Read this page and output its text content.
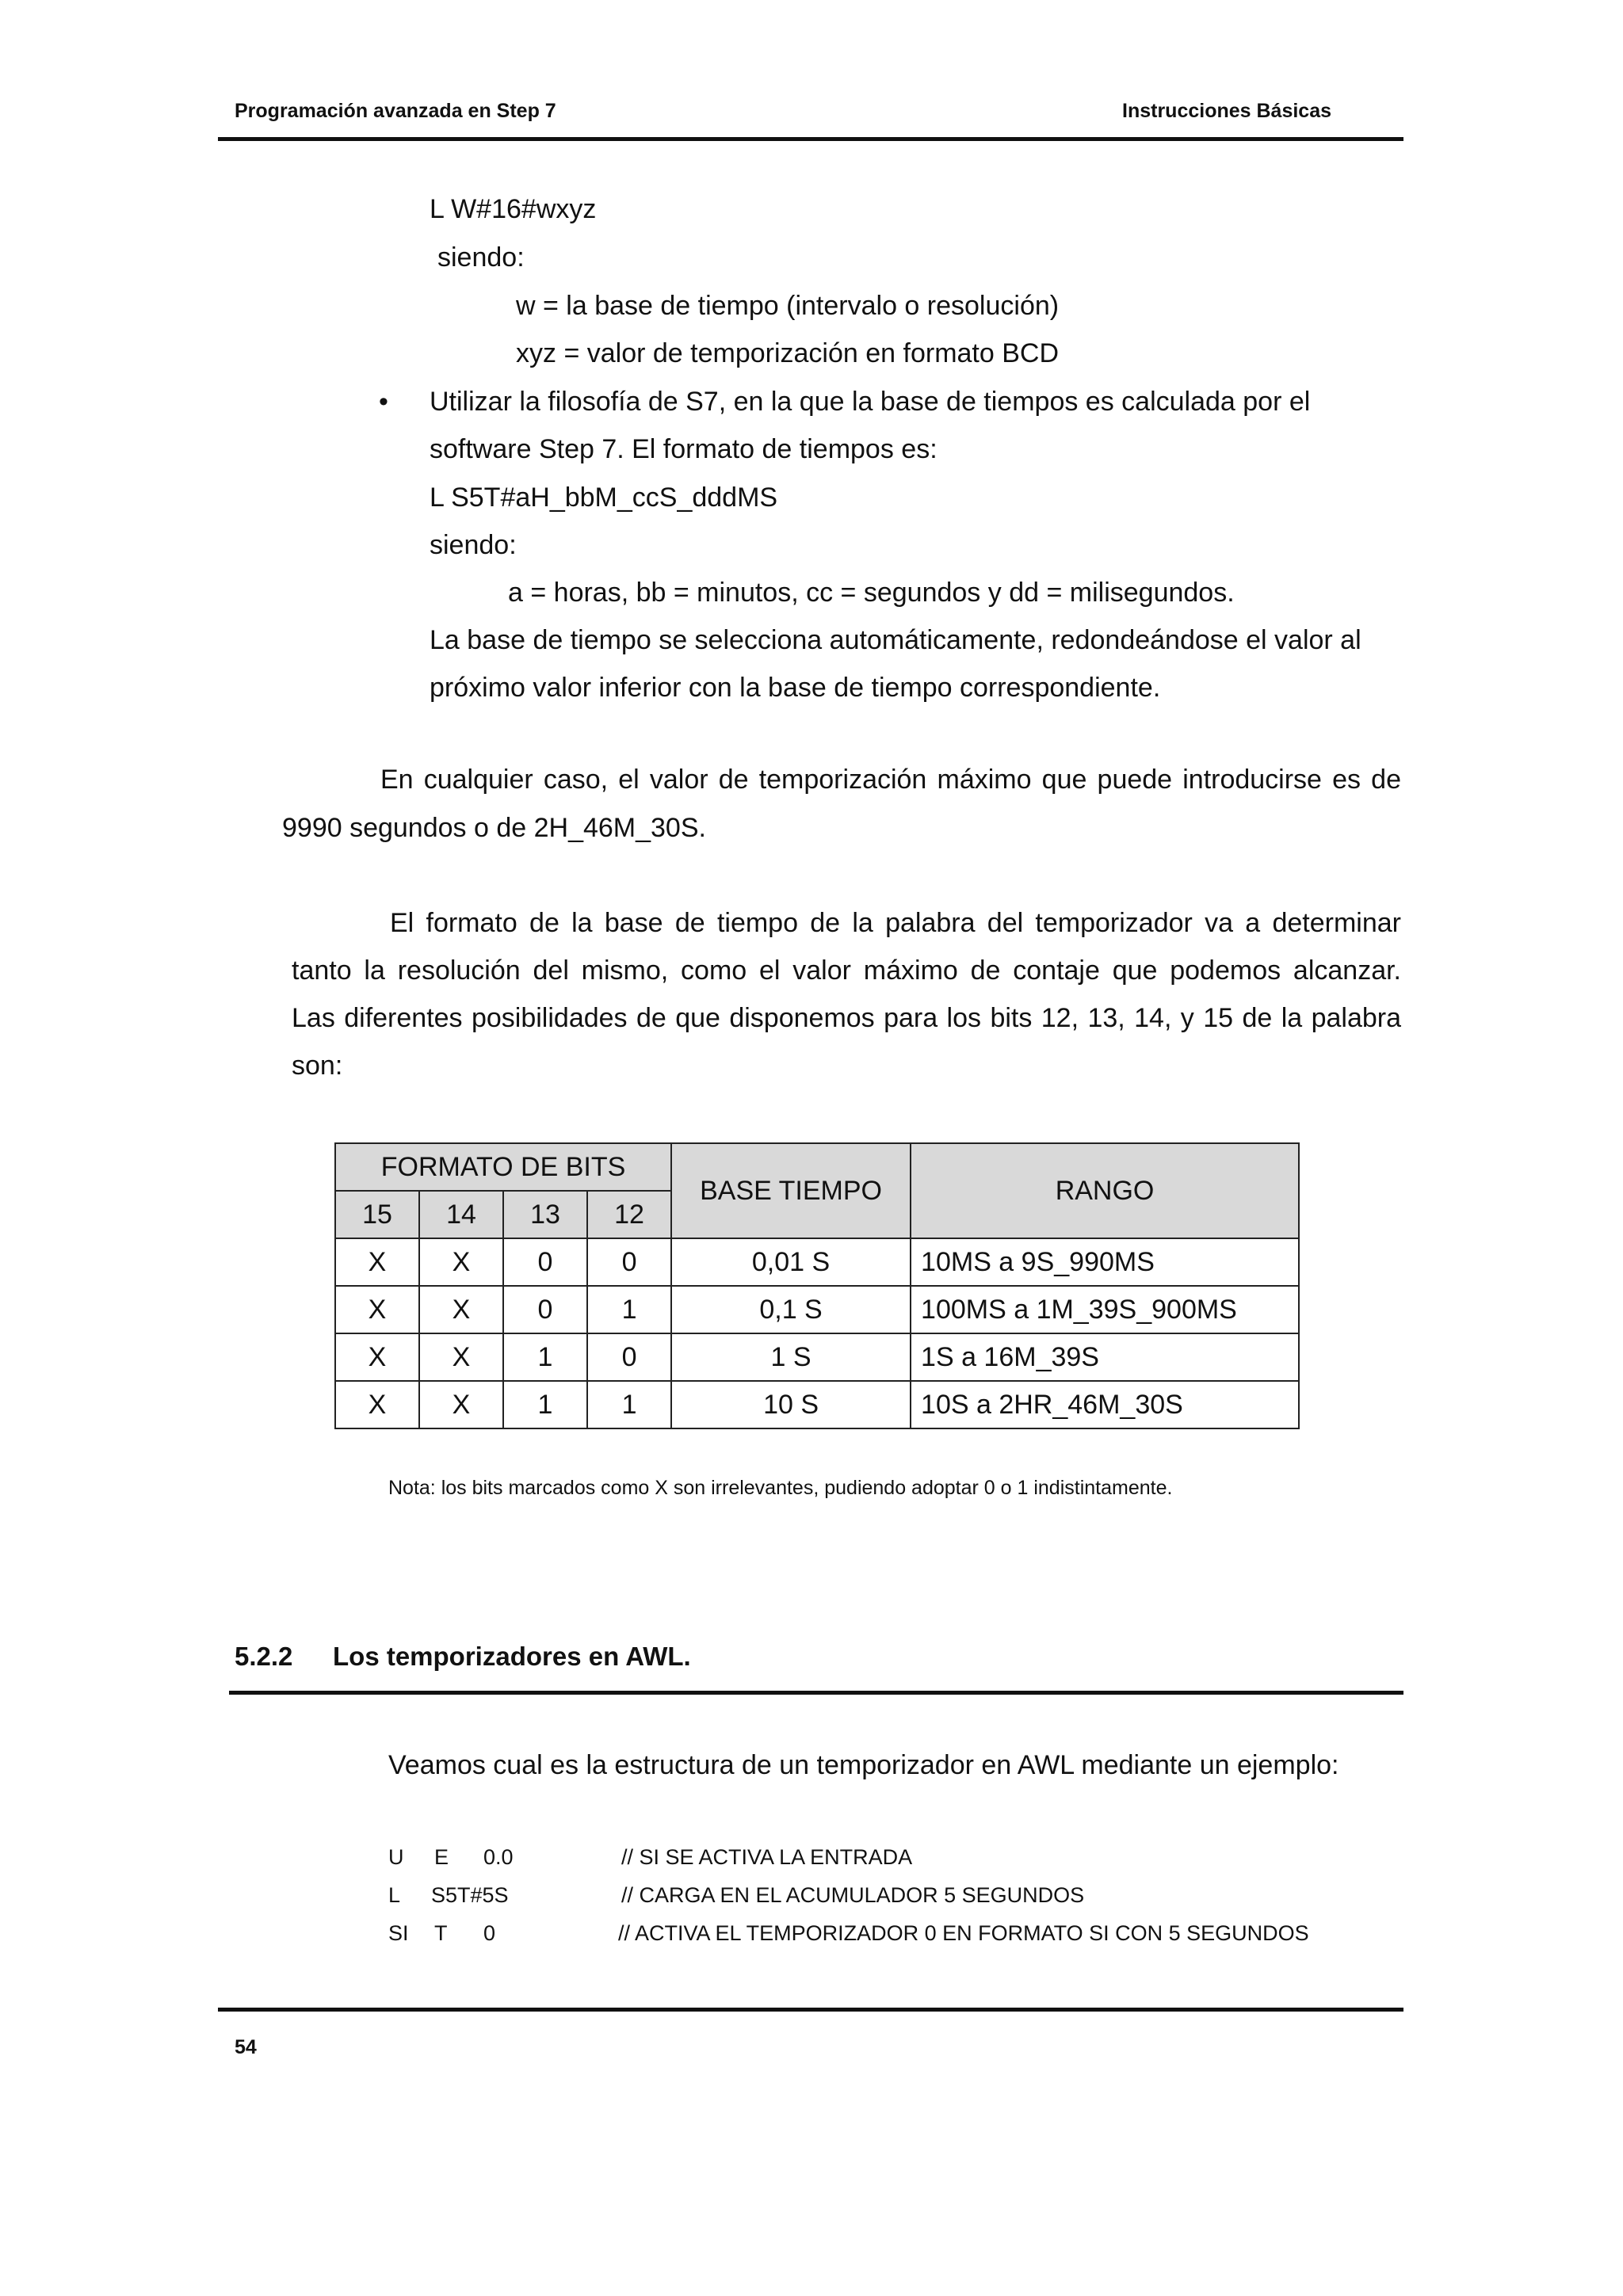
Programación avanzada en Step 7	Instrucciones Básicas
L W#16#wxyz
siendo:
w = la base de tiempo (intervalo o resolución)
xyz = valor de temporización en formato BCD
• Utilizar la filosofía de S7, en la que la base de tiempos es calculada por el
software Step 7. El formato de tiempos es:
L S5T#aH_bbM_ccS_dddMS
siendo:
a = horas, bb = minutos, cc = segundos y dd = milisegundos.
La base de tiempo se selecciona automáticamente, redondeándose el valor al
próximo valor inferior con la base de tiempo correspondiente.
En cualquier caso, el valor de temporización máximo que puede introducirse es de
9990 segundos o de 2H_46M_30S.
El formato de la base de tiempo de la palabra del temporizador va a determinar
tanto la resolución del mismo, como el valor máximo de contaje que podemos alcanzar.
Las diferentes posibilidades de que disponemos para los bits 12, 13, 14, y 15 de la palabra
son:
FORMATO DE BITS				BASE TIEMPO	RANGO
15	14	13	12		
X	X	0	0	0,01 S	10MS a 9S_990MS
X	X	0	1	0,1 S	100MS a 1M_39S_900MS
X	X	1	0	1 S	1S a 16M_39S
X	X	1	1	10 S	10S a 2HR_46M_30S
Nota: los bits marcados como X son irrelevantes, pudiendo adoptar 0 o 1 indistintamente.
5.2.2 Los temporizadores en AWL.
Veamos cual es la estructura de un temporizador en AWL mediante un ejemplo:
U E 0.0	// SI SE ACTIVA LA ENTRADA
L S5T#5S	// CARGA EN EL ACUMULADOR 5 SEGUNDOS
SI T 0	// ACTIVA EL TEMPORIZADOR 0 EN FORMATO SI CON 5 SEGUNDOS
54
